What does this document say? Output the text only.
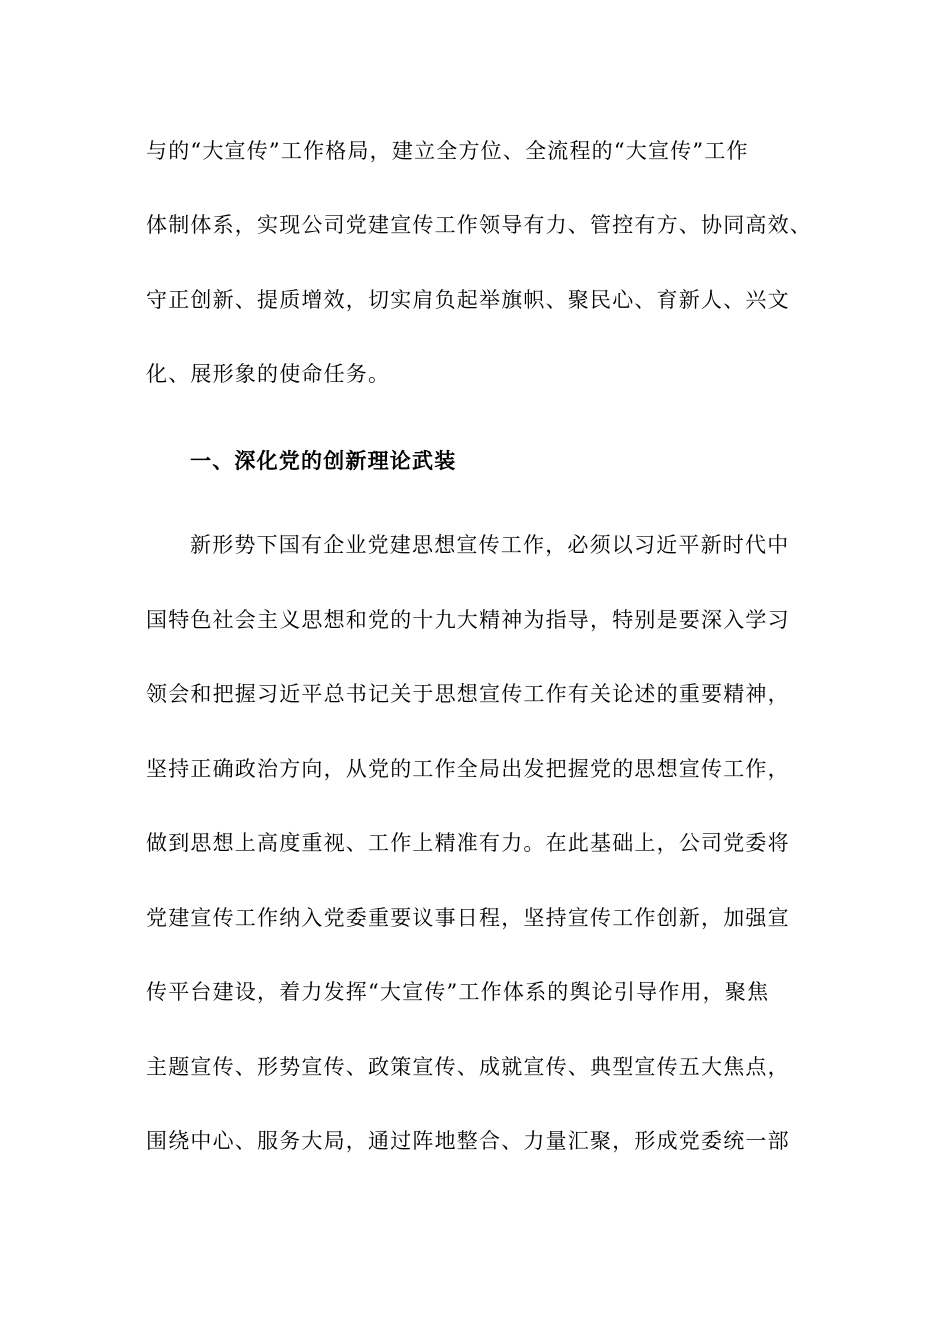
与的“大宣传”工作格局，建立全方位、全流程的“大宣传”工作
体制体系，实现公司党建宣传工作领导有力、管控有方、协同高效、
守正创新、提质增效，切实肩负起举旗帜、聚民心、育新人、兴文
化、展形象的使命任务。
一、深化党的创新理论武装
新形势下国有企业党建思想宣传工作，必须以习近平新时代中
国特色社会主义思想和党的十九大精神为指导，特别是要深入学习
领会和把握习近平总书记关于思想宣传工作有关论述的重要精神，
坚持正确政治方向，从党的工作全局出发把握党的思想宣传工作，
做到思想上高度重视、工作上精准有力。在此基础上，公司党委将
党建宣传工作纳入党委重要议事日程，坚持宣传工作创新，加强宣
传平台建设，着力发挥“大宣传”工作体系的舆论引导作用，聚焦
主题宣传、形势宣传、政策宣传、成就宣传、典型宣传五大焦点，
围绕中心、服务大局，通过阵地整合、力量汇聚，形成党委统一部
